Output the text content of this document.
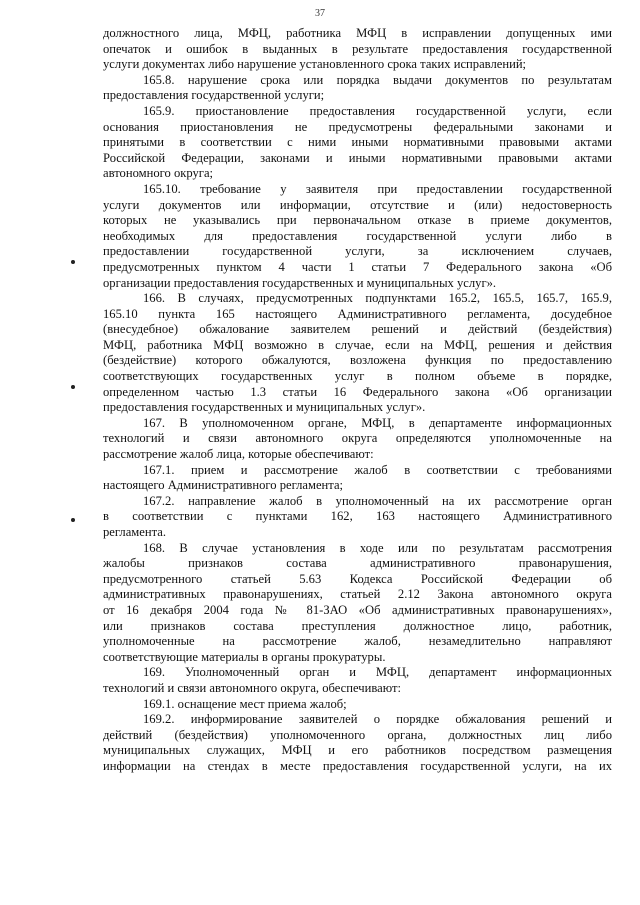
37
должностного лица, МФЦ, работника МФЦ в исправлении допущенных ими
опечаток и ошибок в выданных в результате предоставления государственной
услуги документах либо нарушение установленного срока таких исправлений;
165.8. нарушение срока или порядка выдачи документов по результатам
предоставления государственной услуги;
165.9. приостановление предоставления государственной услуги, если
основания приостановления не предусмотрены федеральными законами и
принятыми в соответствии с ними иными нормативными правовыми актами
Российской Федерации, законами и иными нормативными правовыми актами
автономного округа;
165.10. требование у заявителя при предоставлении государственной
услуги документов или информации, отсутствие и (или) недостоверность
которых не указывались при первоначальном отказе в приеме документов,
необходимых для предоставления государственной услуги либо в
предоставлении государственной услуги, за исключением случаев,
предусмотренных пунктом 4 части 1 статьи 7 Федерального закона «Об
организации предоставления государственных и муниципальных услуг».
166. В случаях, предусмотренных подпунктами 165.2, 165.5, 165.7, 165.9,
165.10 пункта 165 настоящего Административного регламента, досудебное
(внесудебное) обжалование заявителем решений и действий (бездействия)
МФЦ, работника МФЦ возможно в случае, если на МФЦ, решения и действия
(бездействие) которого обжалуются, возложена функция по предоставлению
соответствующих государственных услуг в полном объеме в порядке,
определенном частью 1.3 статьи 16 Федерального закона «Об организации
предоставления государственных и муниципальных услуг».
167. В уполномоченном органе, МФЦ, в департаменте информационных
технологий и связи автономного округа определяются уполномоченные на
рассмотрение жалоб лица, которые обеспечивают:
167.1. прием и рассмотрение жалоб в соответствии с требованиями
настоящего Административного регламента;
167.2. направление жалоб в уполномоченный на их рассмотрение орган
в соответствии с пунктами 162, 163 настоящего Административного
регламента.
168. В случае установления в ходе или по результатам рассмотрения
жалобы признаков состава административного правонарушения,
предусмотренного статьей 5.63 Кодекса Российской Федерации об
административных правонарушениях, статьей 2.12 Закона автономного округа
от 16 декабря 2004 года № 81-ЗАО «Об административных правонарушениях»,
или признаков состава преступления должностное лицо, работник,
уполномоченные на рассмотрение жалоб, незамедлительно направляют
соответствующие материалы в органы прокуратуры.
169. Уполномоченный орган и МФЦ, департамент информационных
технологий и связи автономного округа, обеспечивают:
169.1. оснащение мест приема жалоб;
169.2. информирование заявителей о порядке обжалования решений и
действий (бездействия) уполномоченного органа, должностных лиц либо
муниципальных служащих, МФЦ и его работников посредством размещения
информации на стендах в месте предоставления государственной услуги, на их
